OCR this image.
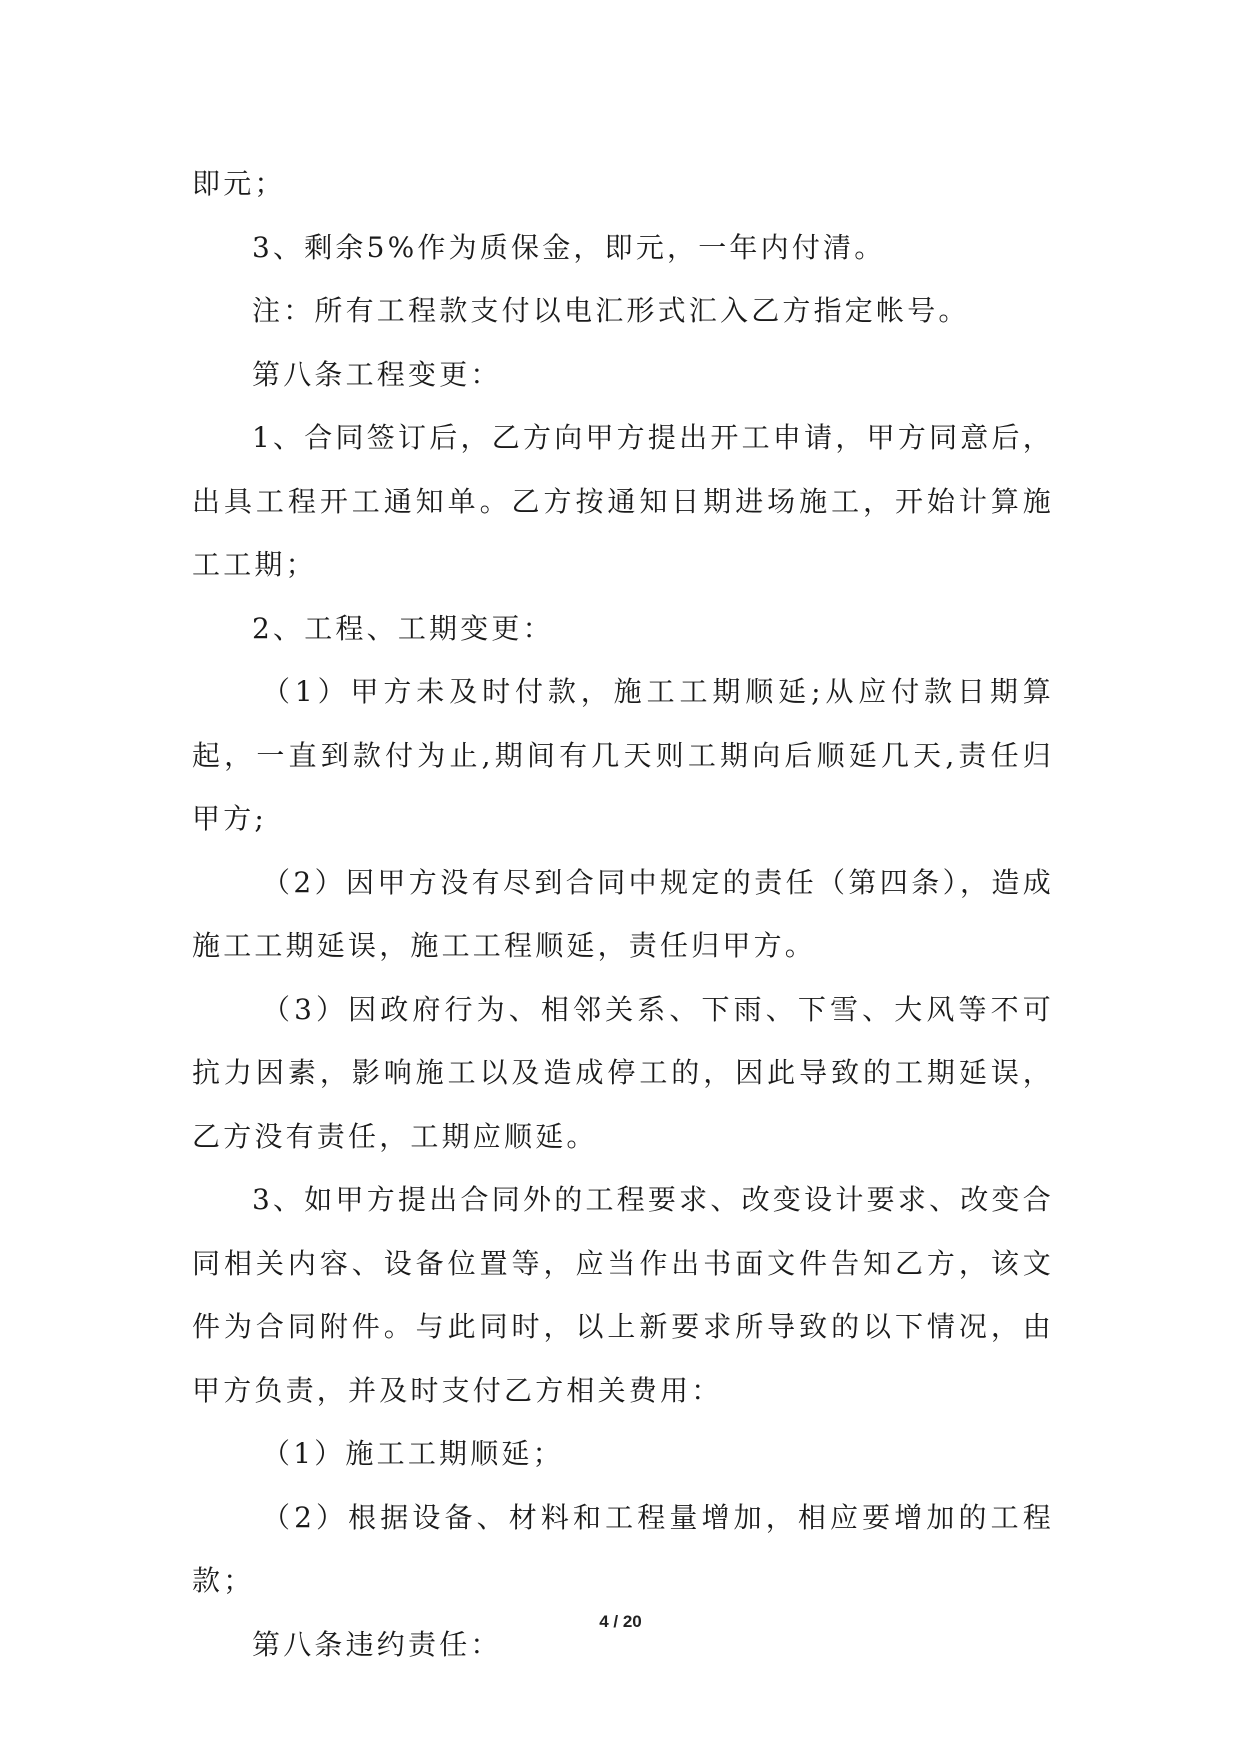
即元；

3、剩余5%作为质保金，即元，一年内付清。

注：所有工程款支付以电汇形式汇入乙方指定帐号。

第八条工程变更：

1、合同签订后，乙方向甲方提出开工申请，甲方同意后，出具工程开工通知单。乙方按通知日期进场施工，开始计算施工工期；

2、工程、工期变更：

（1）甲方未及时付款，施工工期顺延;从应付款日期算起，一直到款付为止,期间有几天则工期向后顺延几天,责任归甲方;

（2）因甲方没有尽到合同中规定的责任（第四条），造成施工工期延误，施工工程顺延，责任归甲方。

（3）因政府行为、相邻关系、下雨、下雪、大风等不可抗力因素，影响施工以及造成停工的，因此导致的工期延误，乙方没有责任，工期应顺延。

3、如甲方提出合同外的工程要求、改变设计要求、改变合同相关内容、设备位置等，应当作出书面文件告知乙方，该文件为合同附件。与此同时，以上新要求所导致的以下情况，由甲方负责，并及时支付乙方相关费用：

（1）施工工期顺延；

（2）根据设备、材料和工程量增加，相应要增加的工程款；

第八条违约责任：

4 / 20
